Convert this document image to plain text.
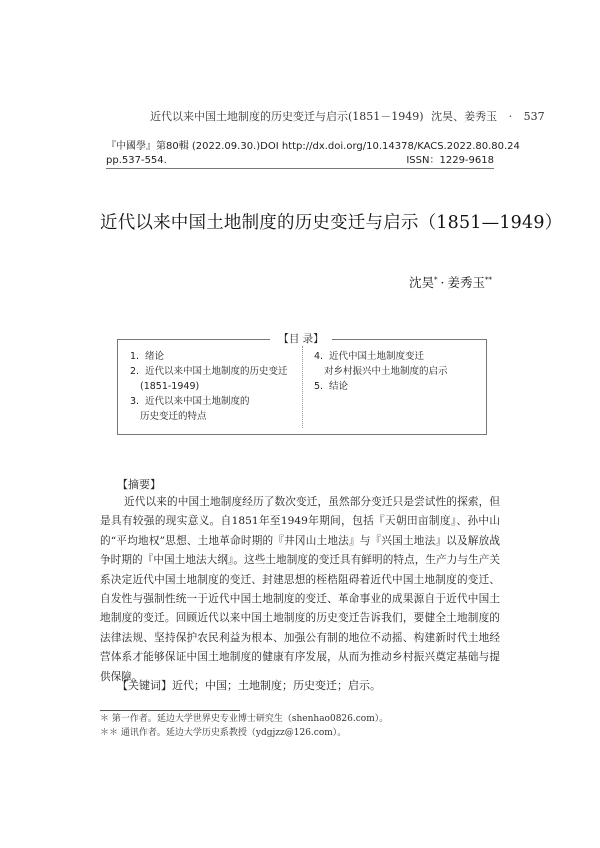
近代以来中国土地制度的历史变迁与启示(1851－1949) 沈昊、姜秀玉 · 537
『中國學』第80輯 (2022.09.30.) DOI http://dx.doi.org/10.14378/KACS.2022.80.80.24
pp.537-554.	ISSN：1229-9618
近代以来中国土地制度的历史变迁与启示（1851—1949）
沈昊* · 姜秀玉**
1. 绪论
2. 近代以来中国土地制度的历史变迁
(1851-1949)
3. 近代以来中国土地制度的
历史变迁的特点
4. 近代中国土地制度变迁
对乡村振兴中土地制度的启示
5. 结论
【目 录】
【摘要】

近代以来的中国土地制度经历了数次变迁，虽然部分变迁只是尝试性的探索，但是具有较强的现实意义。自1851年至1949年期间，包括『天朝田亩制度』、孙中山的“平均地权”思想、土地革命时期的『井冈山土地法』与『兴国土地法』以及解放战争时期的『中国土地法大纲』。这些土地制度的变迁具有鲜明的特点，生产力与生产关系决定近代中国土地制度的变迁、封建思想的桎梏阻碍着近代中国土地制度的变迁、自发性与强制性统一于近代中国土地制度的变迁、革命事业的成果源自于近代中国土地制度的变迁。回顾近代以来中国土地制度的历史变迁告诉我们，要健全土地制度的法律法规、坚持保护农民利益为根本、加强公有制的地位不动摇、构建新时代土地经营体系才能够保证中国土地制度的健康有序发展，从而为推动乡村振兴奠定基础与提供保障。

【关键词】近代；中国；土地制度；历史变迁；启示。
＊ 第一作者。延边大学世界史专业博士研究生（shenhao0826.com）。
＊＊ 通讯作者。延边大学历史系教授（ydgjzz@126.com）。
